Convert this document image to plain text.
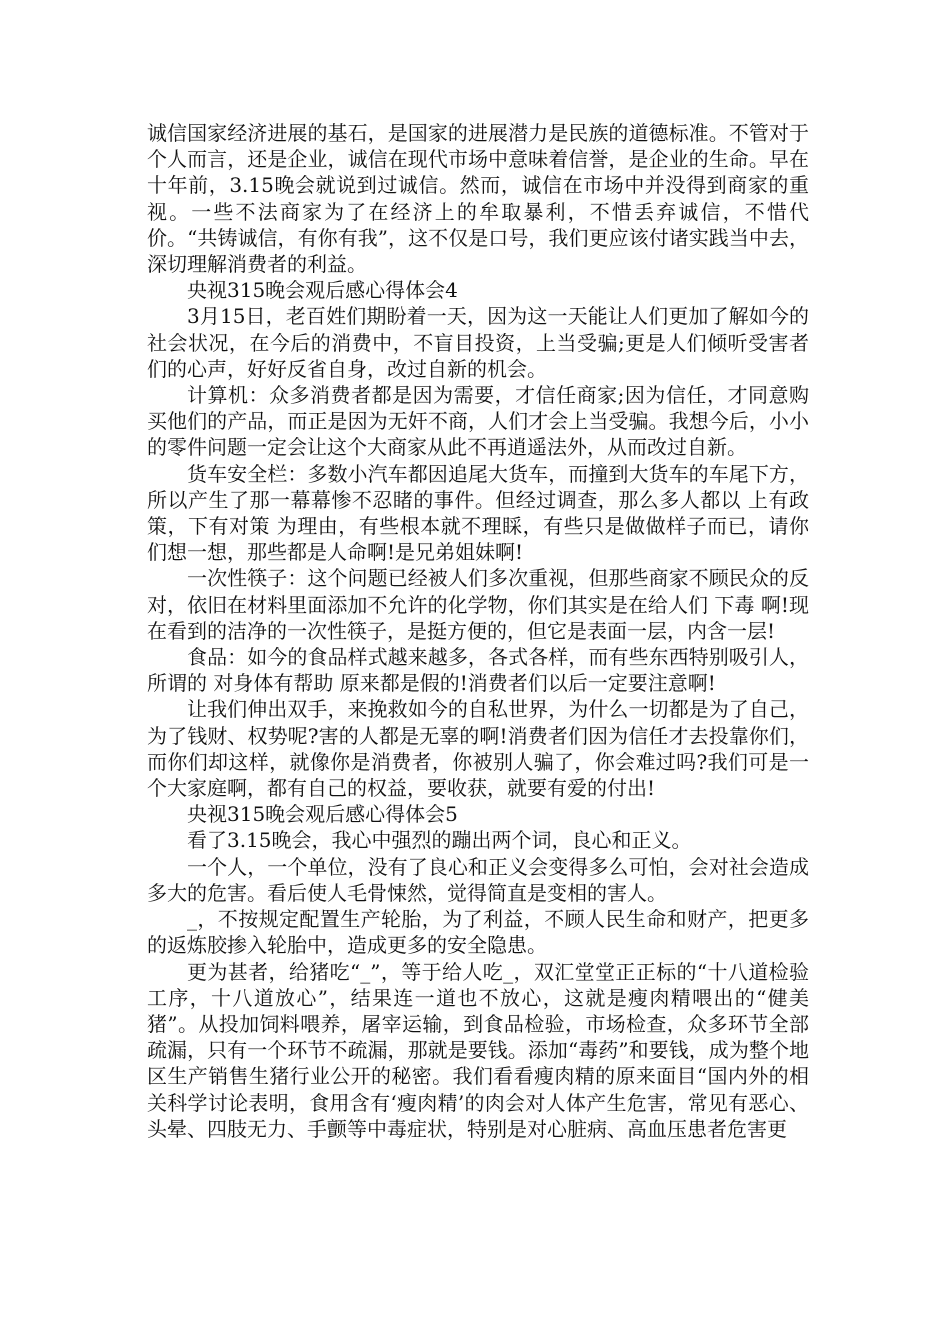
诚信国家经济进展的基石，是国家的进展潜力是民族的道德标准。不管对于个人而言，还是企业，诚信在现代市场中意味着信誉，是企业的生命。早在十年前，3.15晚会就说到过诚信。然而，诚信在市场中并没得到商家的重视。一些不法商家为了在经济上的牟取暴利，不惜丢弃诚信，不惜代价。“共铸诚信，有你有我”，这不仅是口号，我们更应该付诸实践当中去，深切理解消费者的利益。

央视315晚会观后感心得体会4

3月15日，老百姓们期盼着一天，因为这一天能让人们更加了解如今的社会状况，在今后的消费中，不盲目投资，上当受骗;更是人们倾听受害者们的心声，好好反省自身，改过自新的机会。

计算机：众多消费者都是因为需要，才信任商家;因为信任，才同意购买他们的产品，而正是因为无奸不商，人们才会上当受骗。我想今后，小小的零件问题一定会让这个大商家从此不再逍遥法外，从而改过自新。

货车安全栏：多数小汽车都因追尾大货车，而撞到大货车的车尾下方，所以产生了那一幕幕惨不忍睹的事件。但经过调查，那么多人都以 上有政策，下有对策 为理由，有些根本就不理睬，有些只是做做样子而已，请你们想一想，那些都是人命啊!是兄弟姐妹啊!

一次性筷子：这个问题已经被人们多次重视，但那些商家不顾民众的反对，依旧在材料里面添加不允许的化学物，你们其实是在给人们 下毒 啊!现在看到的洁净的一次性筷子，是挺方便的，但它是表面一层，内含一层!

食品：如今的食品样式越来越多，各式各样，而有些东西特别吸引人，所谓的 对身体有帮助 原来都是假的!消费者们以后一定要注意啊!

让我们伸出双手，来挽救如今的自私世界，为什么一切都是为了自己，为了钱财、权势呢?害的人都是无辜的啊!消费者们因为信任才去投靠你们，而你们却这样，就像你是消费者，你被别人骗了，你会难过吗?我们可是一个大家庭啊，都有自己的权益，要收获，就要有爱的付出!

央视315晚会观后感心得体会5

看了3.15晚会，我心中强烈的蹦出两个词，良心和正义。

一个人，一个单位，没有了良心和正义会变得多么可怕，会对社会造成多大的危害。看后使人毛骨悚然，觉得简直是变相的害人。

_，不按规定配置生产轮胎，为了利益，不顾人民生命和财产，把更多的返炼胶掺入轮胎中，造成更多的安全隐患。

更为甚者，给猪吃“_”，等于给人吃_，双汇堂堂正正标的“十八道检验工序，十八道放心”，结果连一道也不放心，这就是瘦肉精喂出的“健美猪”。从投加饲料喂养，屠宰运输，到食品检验，市场检查，众多环节全部疏漏，只有一个环节不疏漏，那就是要钱。添加“毒药”和要钱，成为整个地区生产销售生猪行业公开的秘密。我们看看瘦肉精的原来面目“国内外的相关科学讨论表明，食用含有‘瘦肉精’的肉会对人体产生危害，常见有恶心、头晕、四肢无力、手颤等中毒症状，特别是对心脏病、高血压患者危害更
